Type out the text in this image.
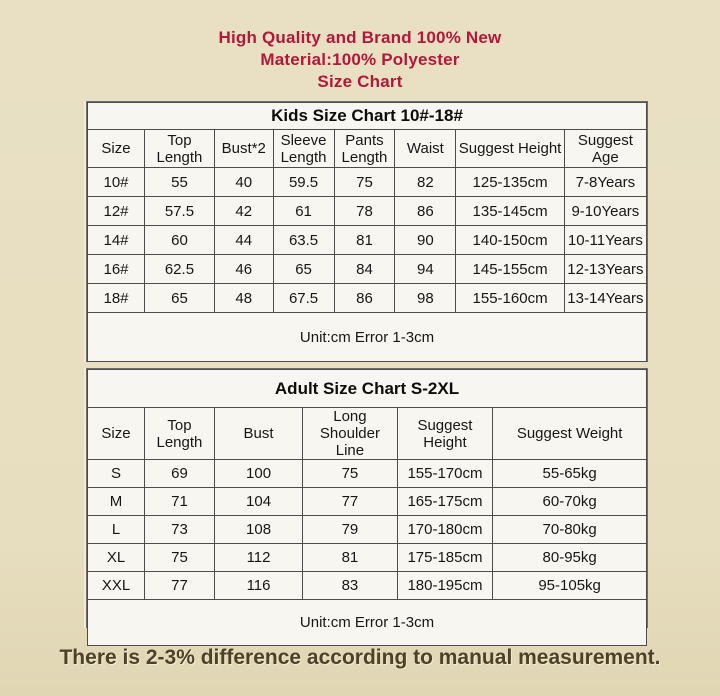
High Quality and Brand 100% New
Material:100% Polyester
Size Chart
Kids Size Chart 10#-18#							
Size	Top Length	Bust*2	Sleeve Length	Pants Length	Waist	Suggest Height	Suggest Age
10#	55	40	59.5	75	82	125-135cm	7-8Years
12#	57.5	42	61	78	86	135-145cm	9-10Years
14#	60	44	63.5	81	90	140-150cm	10-11Years
16#	62.5	46	65	84	94	145-155cm	12-13Years
18#	65	48	67.5	86	98	155-160cm	13-14Years
Unit:cm Error 1-3cm							
Adult Size Chart S-2XL					
Size	Top Length	Bust	Long Shoulder Line	Suggest Height	Suggest Weight
S	69	100	75	155-170cm	55-65kg
M	71	104	77	165-175cm	60-70kg
L	73	108	79	170-180cm	70-80kg
XL	75	112	81	175-185cm	80-95kg
XXL	77	116	83	180-195cm	95-105kg
Unit:cm Error 1-3cm					
There is 2-3% difference according to manual measurement.
